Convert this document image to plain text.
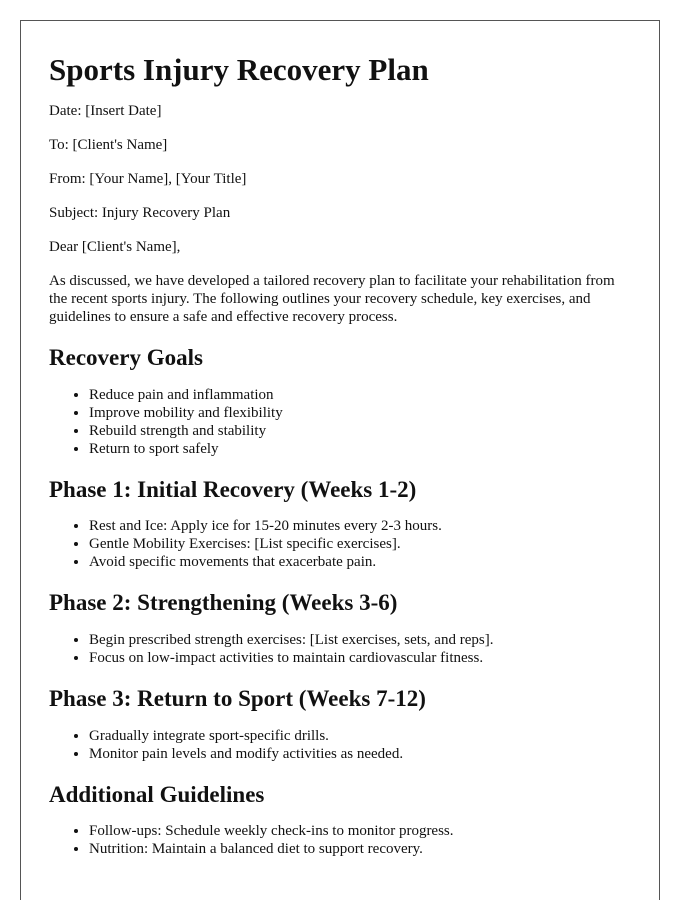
Sports Injury Recovery Plan

Date: [Insert Date]

To: [Client's Name]

From: [Your Name], [Your Title]

Subject: Injury Recovery Plan

Dear [Client's Name],

As discussed, we have developed a tailored recovery plan to facilitate your rehabilitation from the recent sports injury. The following outlines your recovery schedule, key exercises, and guidelines to ensure a safe and effective recovery process.

Recovery Goals
• Reduce pain and inflammation
• Improve mobility and flexibility
• Rebuild strength and stability
• Return to sport safely
Phase 1: Initial Recovery (Weeks 1-2)
• Rest and Ice: Apply ice for 15-20 minutes every 2-3 hours.
• Gentle Mobility Exercises: [List specific exercises].
• Avoid specific movements that exacerbate pain.
Phase 2: Strengthening (Weeks 3-6)
• Begin prescribed strength exercises: [List exercises, sets, and reps].
• Focus on low-impact activities to maintain cardiovascular fitness.
Phase 3: Return to Sport (Weeks 7-12)
• Gradually integrate sport-specific drills.
• Monitor pain levels and modify activities as needed.
Additional Guidelines
• Follow-ups: Schedule weekly check-ins to monitor progress.
• Nutrition: Maintain a balanced diet to support recovery.
